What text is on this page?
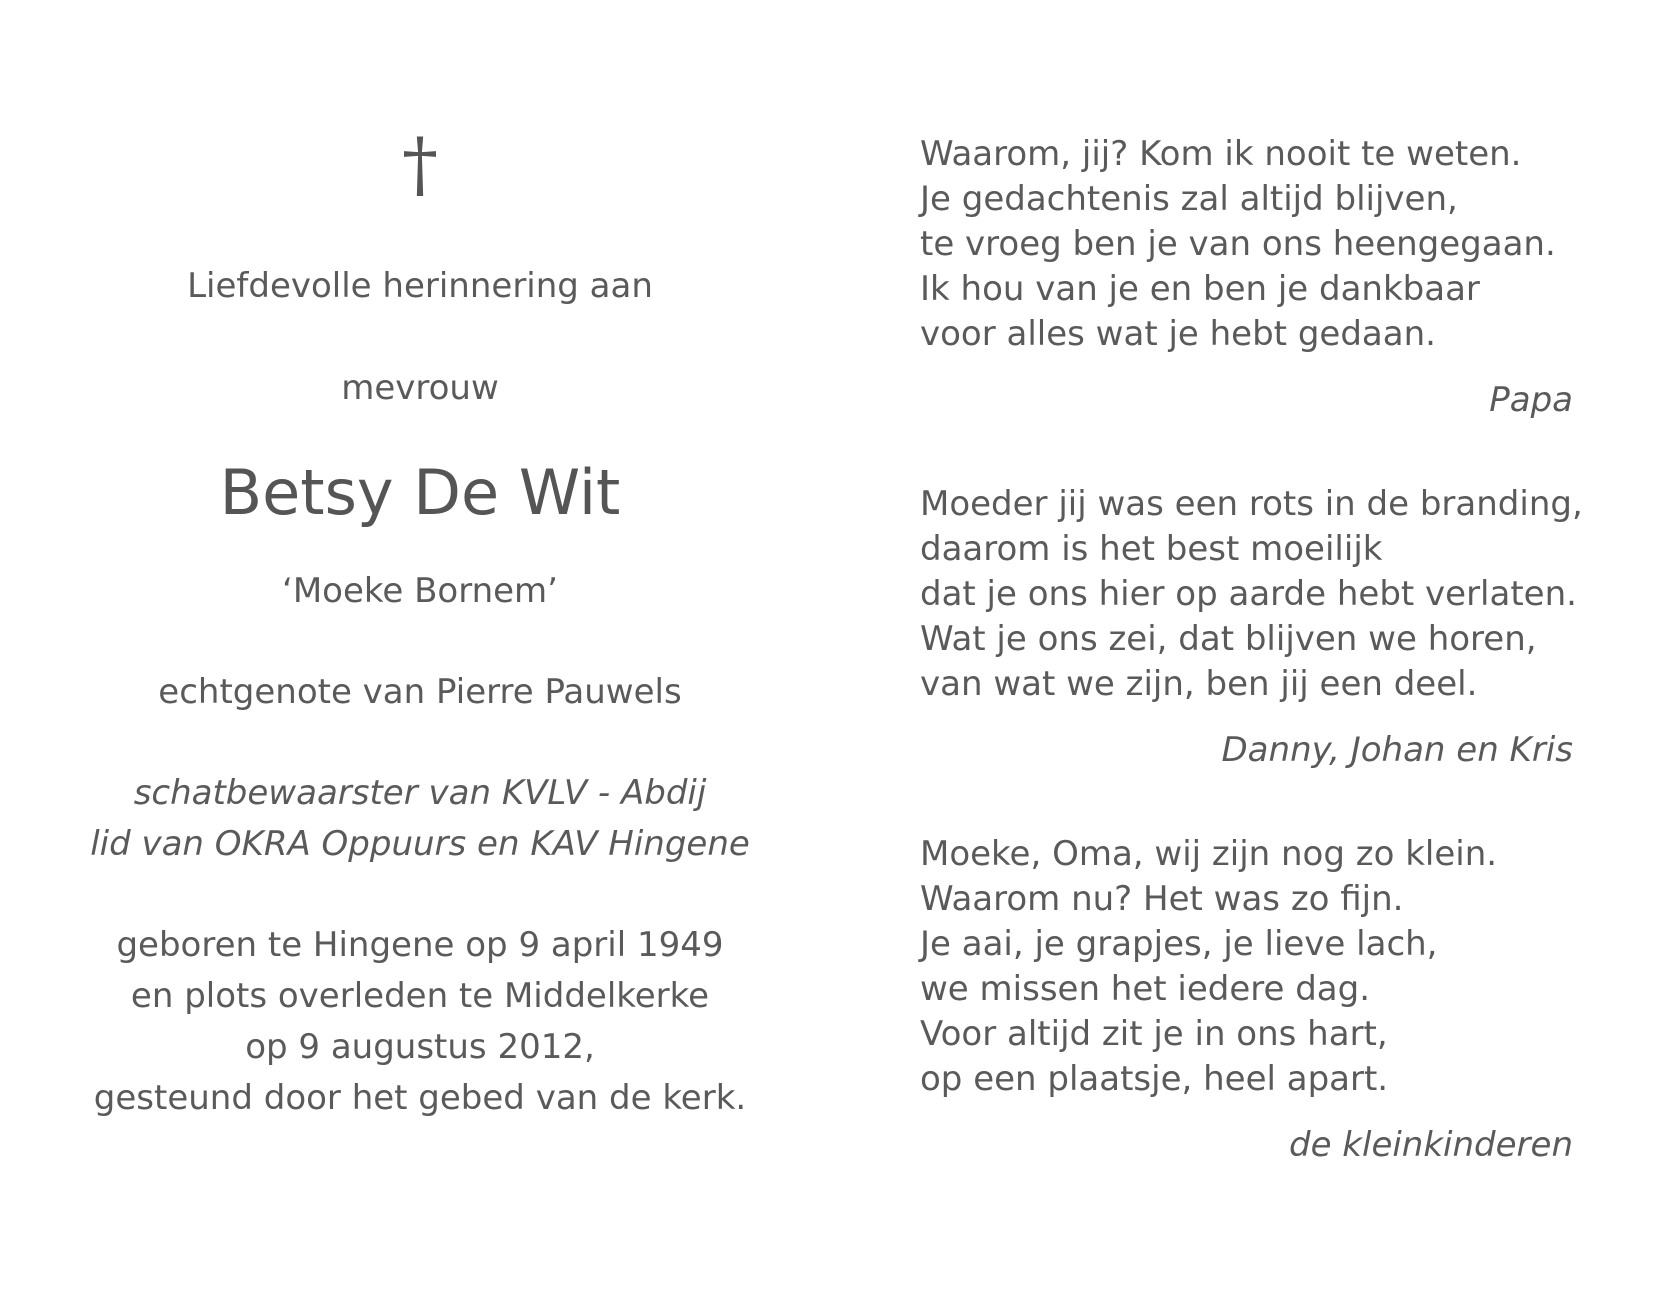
†
Liefdevolle herinnering aan
mevrouw
Betsy De Wit
‘Moeke Bornem’
echtgenote van Pierre Pauwels
schatbewaarster van KVLV - Abdij
lid van OKRA Oppuurs en KAV Hingene
geboren te Hingene op 9 april 1949
en plots overleden te Middelkerke
op 9 augustus 2012,
gesteund door het gebed van de kerk.
Waarom, jij? Kom ik nooit te weten.
Je gedachtenis zal altijd blijven,
te vroeg ben je van ons heengegaan.
Ik hou van je en ben je dankbaar
voor alles wat je hebt gedaan.
Papa
Moeder jij was een rots in de branding,
daarom is het best moeilijk
dat je ons hier op aarde hebt verlaten.
Wat je ons zei, dat blijven we horen,
van wat we zijn, ben jij een deel.
Danny, Johan en Kris
Moeke, Oma, wij zijn nog zo klein.
Waarom nu? Het was zo fijn.
Je aai, je grapjes, je lieve lach,
we missen het iedere dag.
Voor altijd zit je in ons hart,
op een plaatsje, heel apart.
de kleinkinderen
